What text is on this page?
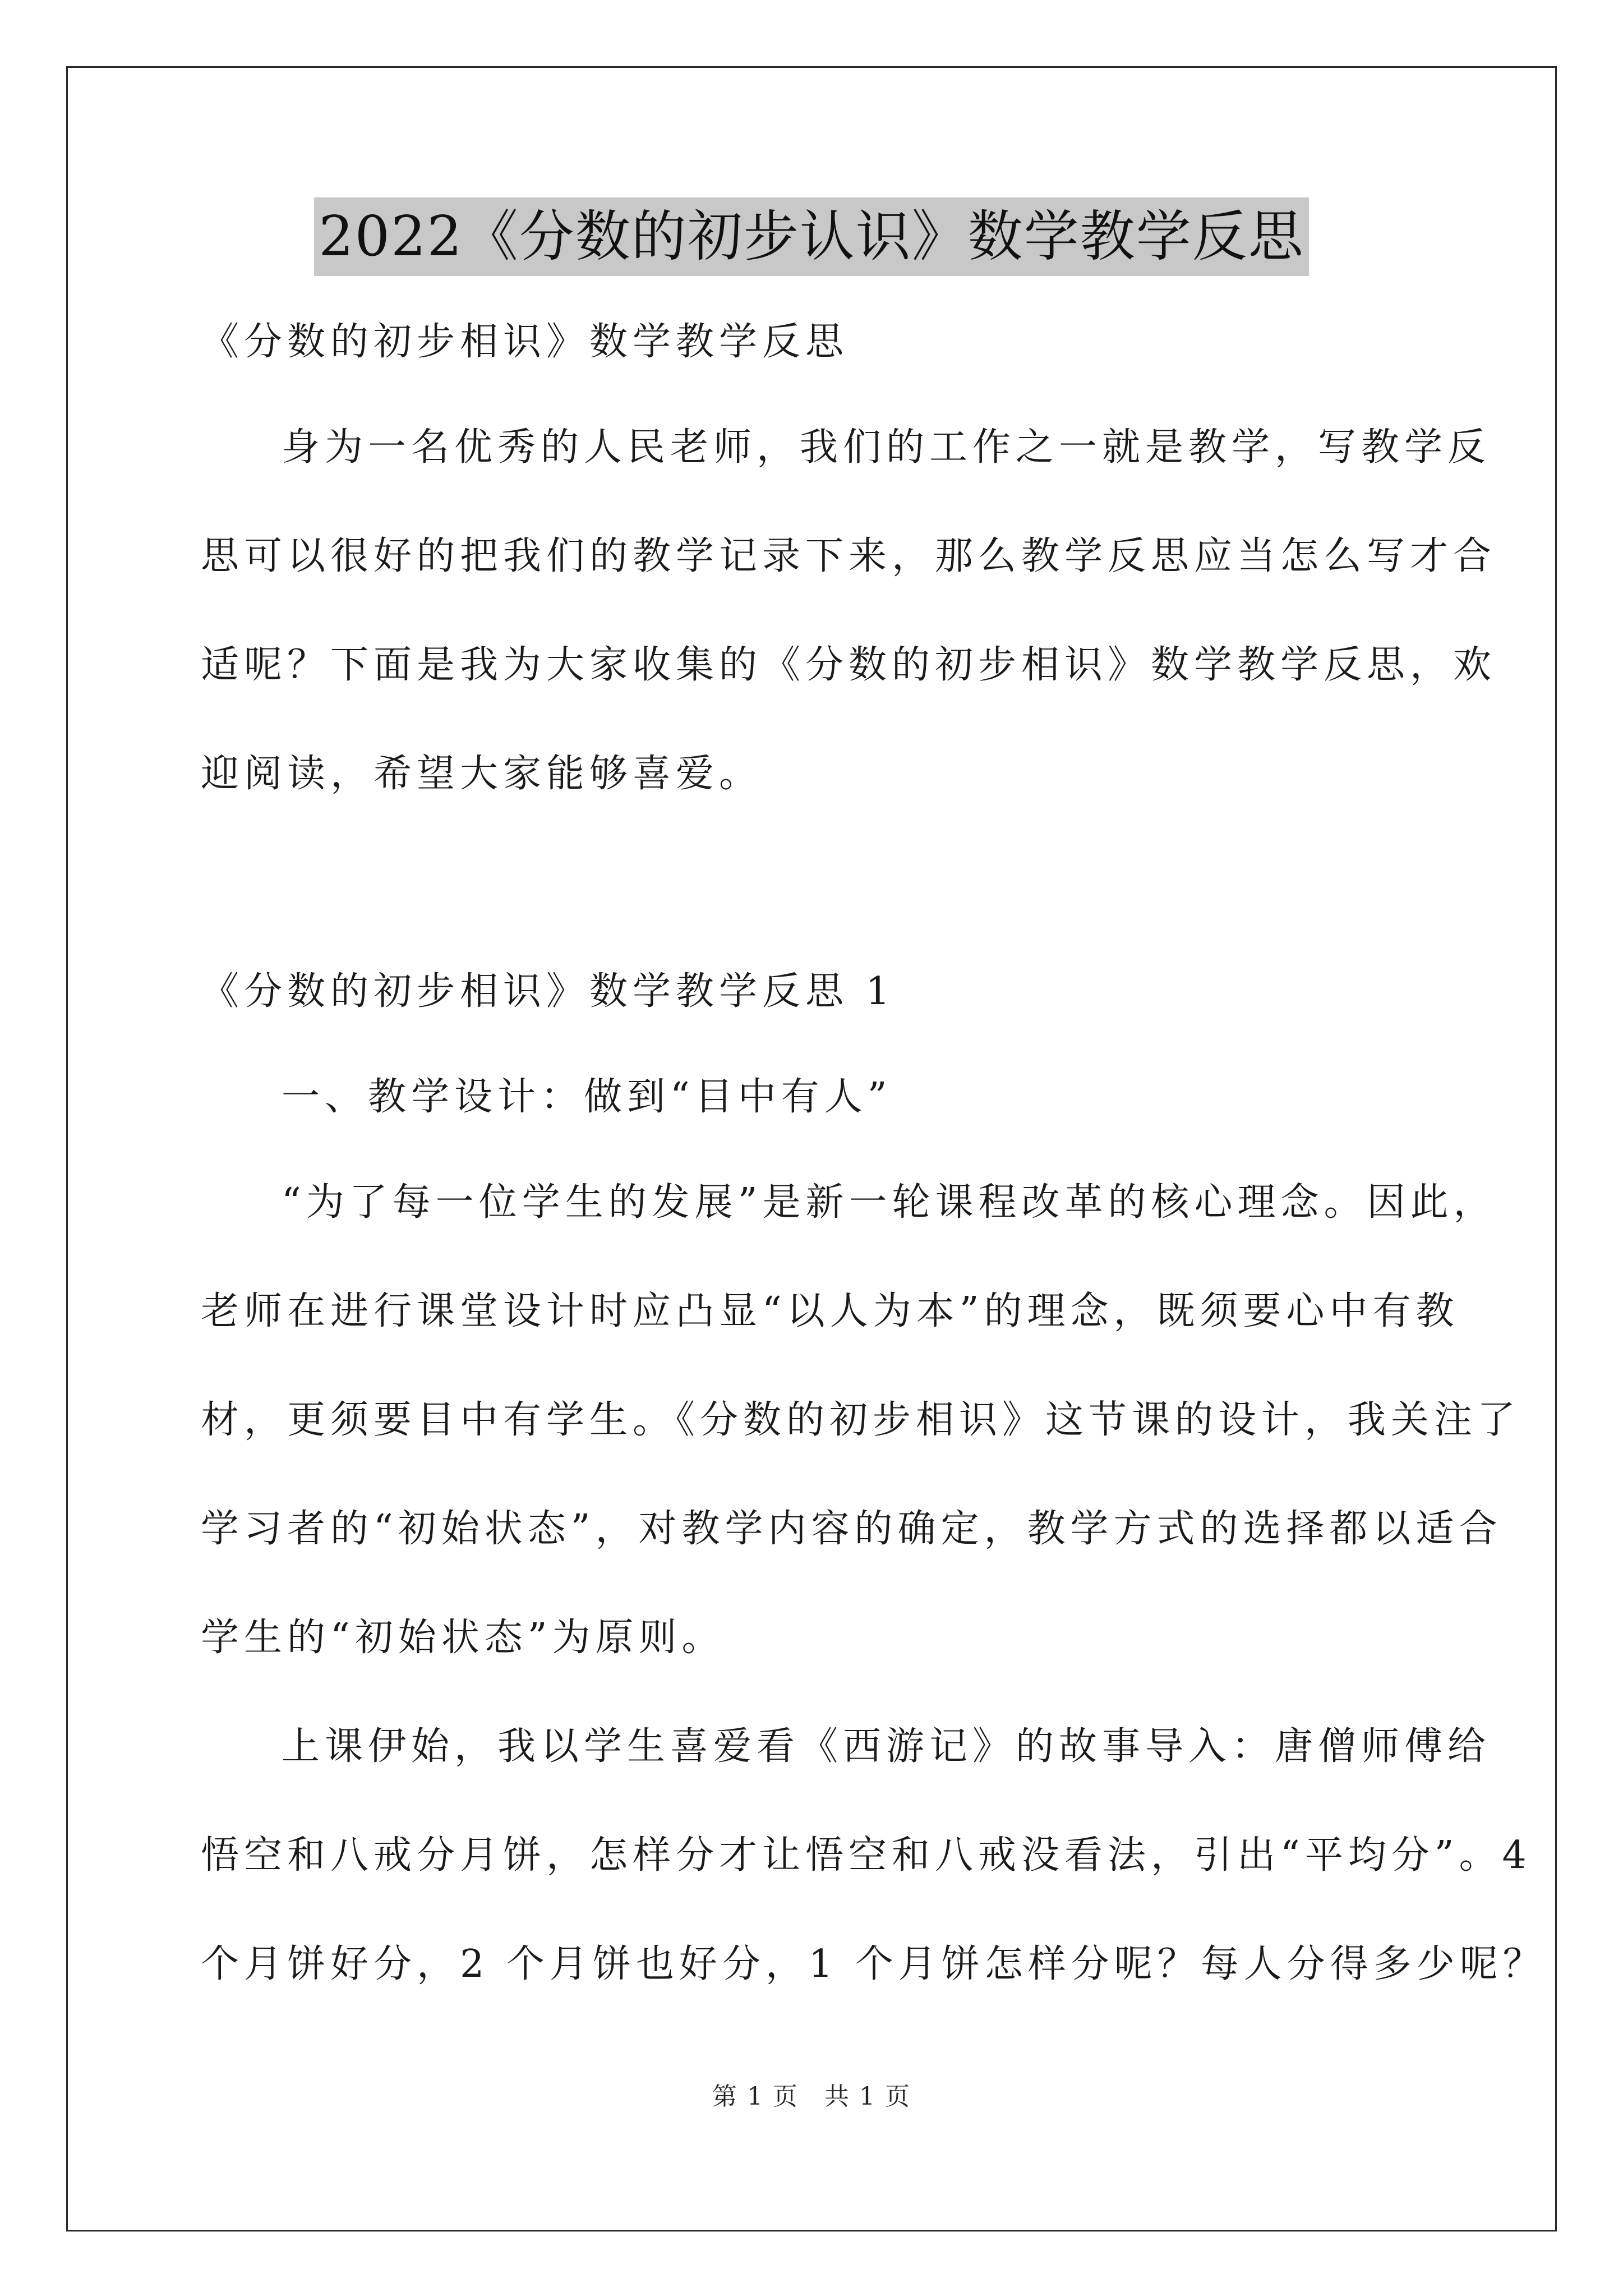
2022《分数的初步认识》数学教学反思

《分数的初步相识》数学教学反思

身为一名优秀的人民老师，我们的工作之一就是教学，写教学反

思可以很好的把我们的教学记录下来，那么教学反思应当怎么写才合

适呢？下面是我为大家收集的《分数的初步相识》数学教学反思，欢

迎阅读，希望大家能够喜爱。

《分数的初步相识》数学教学反思 1

一、教学设计：做到“目中有人”

“为了每一位学生的发展”是新一轮课程改革的核心理念。因此，

老师在进行课堂设计时应凸显“以人为本”的理念，既须要心中有教

材，更须要目中有学生。《分数的初步相识》这节课的设计，我关注了

学习者的“初始状态”，对教学内容的确定，教学方式的选择都以适合

学生的“初始状态”为原则。

上课伊始，我以学生喜爱看《西游记》的故事导入：唐僧师傅给

悟空和八戒分月饼，怎样分才让悟空和八戒没看法，引出“平均分”。4

个月饼好分，2 个月饼也好分，1 个月饼怎样分呢？每人分得多少呢？

第 1 页 共 1 页
